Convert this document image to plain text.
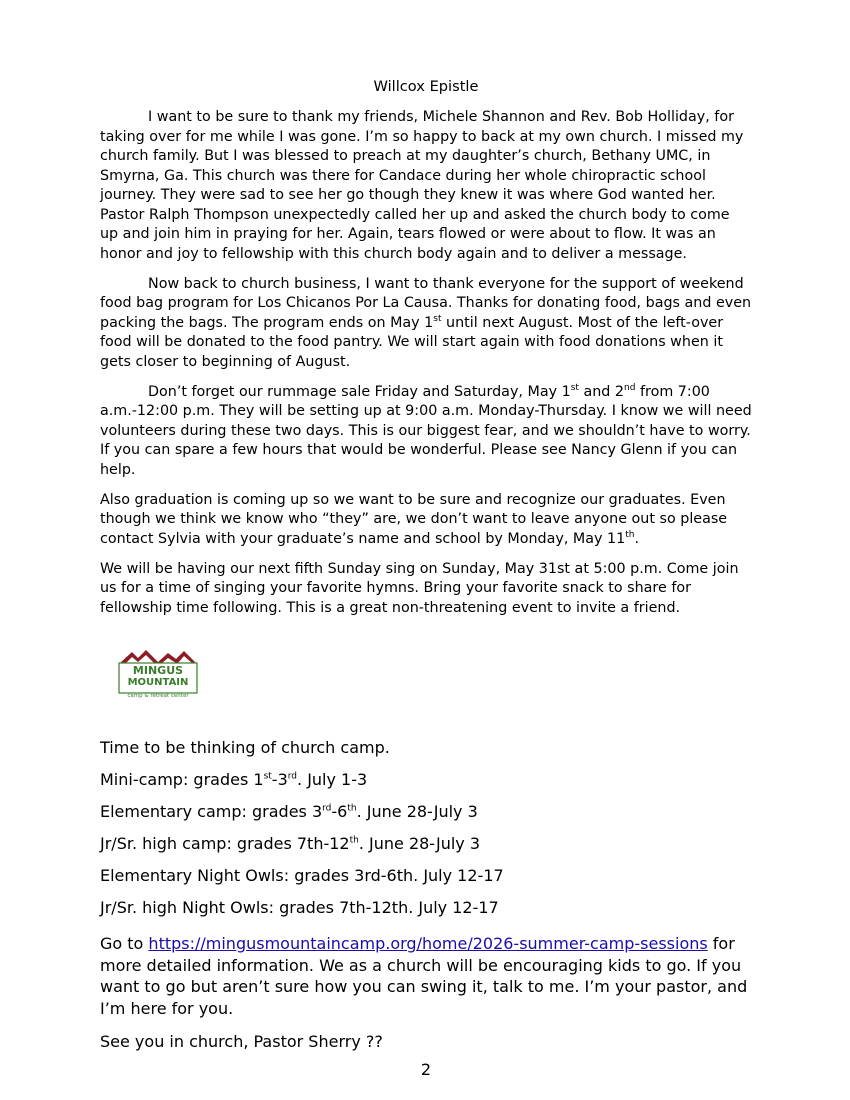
Willcox Epistle

I want to be sure to thank my friends, Michele Shannon and Rev. Bob Holliday, for taking over for me while I was gone. I’m so happy to back at my own church. I missed my church family. But I was blessed to preach at my daughter’s church, Bethany UMC, in Smyrna, Ga. This church was there for Candace during her whole chiropractic school journey. They were sad to see her go though they knew it was where God wanted her. Pastor Ralph Thompson unexpectedly called her up and asked the church body to come up and join him in praying for her. Again, tears flowed or were about to flow. It was an honor and joy to fellowship with this church body again and to deliver a message.

Now back to church business, I want to thank everyone for the support of weekend food bag program for Los Chicanos Por La Causa. Thanks for donating food, bags and even packing the bags. The program ends on May 1st until next August. Most of the left-over food will be donated to the food pantry. We will start again with food donations when it gets closer to beginning of August.

Don’t forget our rummage sale Friday and Saturday, May 1st and 2nd from 7:00 a.m.-12:00 p.m. They will be setting up at 9:00 a.m. Monday-Thursday. I know we will need volunteers during these two days. This is our biggest fear, and we shouldn’t have to worry. If you can spare a few hours that would be wonderful. Please see Nancy Glenn if you can help.

Also graduation is coming up so we want to be sure and recognize our graduates. Even though we think we know who “they” are, we don’t want to leave anyone out so please contact Sylvia with your graduate’s name and school by Monday, May 11th.

We will be having our next fifth Sunday sing on Sunday, May 31st at 5:00 p.m. Come join us for a time of singing your favorite hymns. Bring your favorite snack to share for fellowship time following. This is a great non-threatening event to invite a friend.

MINGUS
MOUNTAIN
camp & retreat center

Time to be thinking of church camp.

Mini-camp: grades 1st-3rd. July 1-3

Elementary camp: grades 3rd-6th. June 28-July 3

Jr/Sr. high camp: grades 7th-12th. June 28-July 3

Elementary Night Owls: grades 3rd-6th. July 12-17

Jr/Sr. high Night Owls: grades 7th-12th. July 12-17

Go to https://mingusmountaincamp.org/home/2026-summer-camp-sessions for more detailed information. We as a church will be encouraging kids to go. If you want to go but aren’t sure how you can swing it, talk to me. I’m your pastor, and I’m here for you.

See you in church, Pastor Sherry ??

2
